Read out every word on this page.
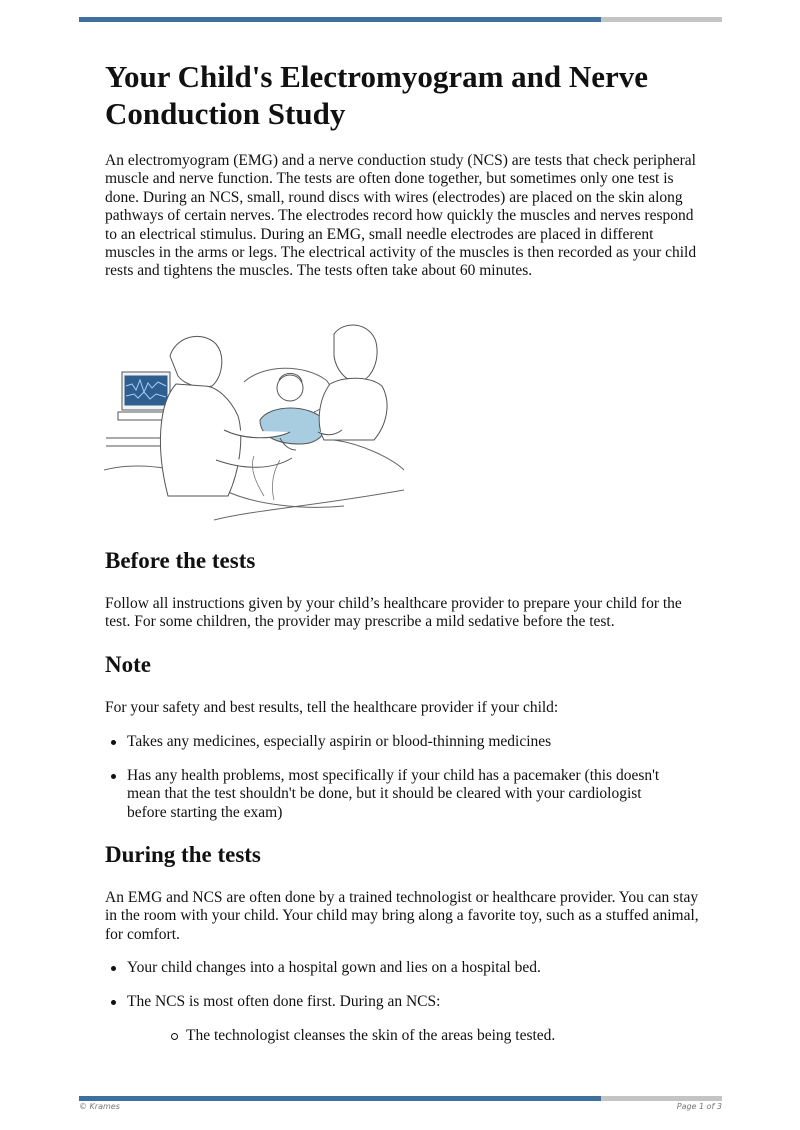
Your Child's Electromyogram and Nerve Conduction Study

An electromyogram (EMG) and a nerve conduction study (NCS) are tests that check peripheral muscle and nerve function. The tests are often done together, but sometimes only one test is done. During an NCS, small, round discs with wires (electrodes) are placed on the skin along pathways of certain nerves. The electrodes record how quickly the muscles and nerves respond to an electrical stimulus. During an EMG, small needle electrodes are placed in different muscles in the arms or legs. The electrical activity of the muscles is then recorded as your child rests and tightens the muscles. The tests often take about 60 minutes.

Before the tests

Follow all instructions given by your child’s healthcare provider to prepare your child for the test. For some children, the provider may prescribe a mild sedative before the test.

Note

For your safety and best results, tell the healthcare provider if your child:

Takes any medicines, especially aspirin or blood-thinning medicines
Has any health problems, most specifically if your child has a pacemaker (this doesn't mean that the test shouldn't be done, but it should be cleared with your cardiologist before starting the exam)
During the tests

An EMG and NCS are often done by a trained technologist or healthcare provider. You can stay in the room with your child. Your child may bring along a favorite toy, such as a stuffed animal, for comfort.

Your child changes into a hospital gown and lies on a hospital bed.
The NCS is most often done first. During an NCS:
The technologist cleanses the skin of the areas being tested.
© Krames	Page 1 of 3
